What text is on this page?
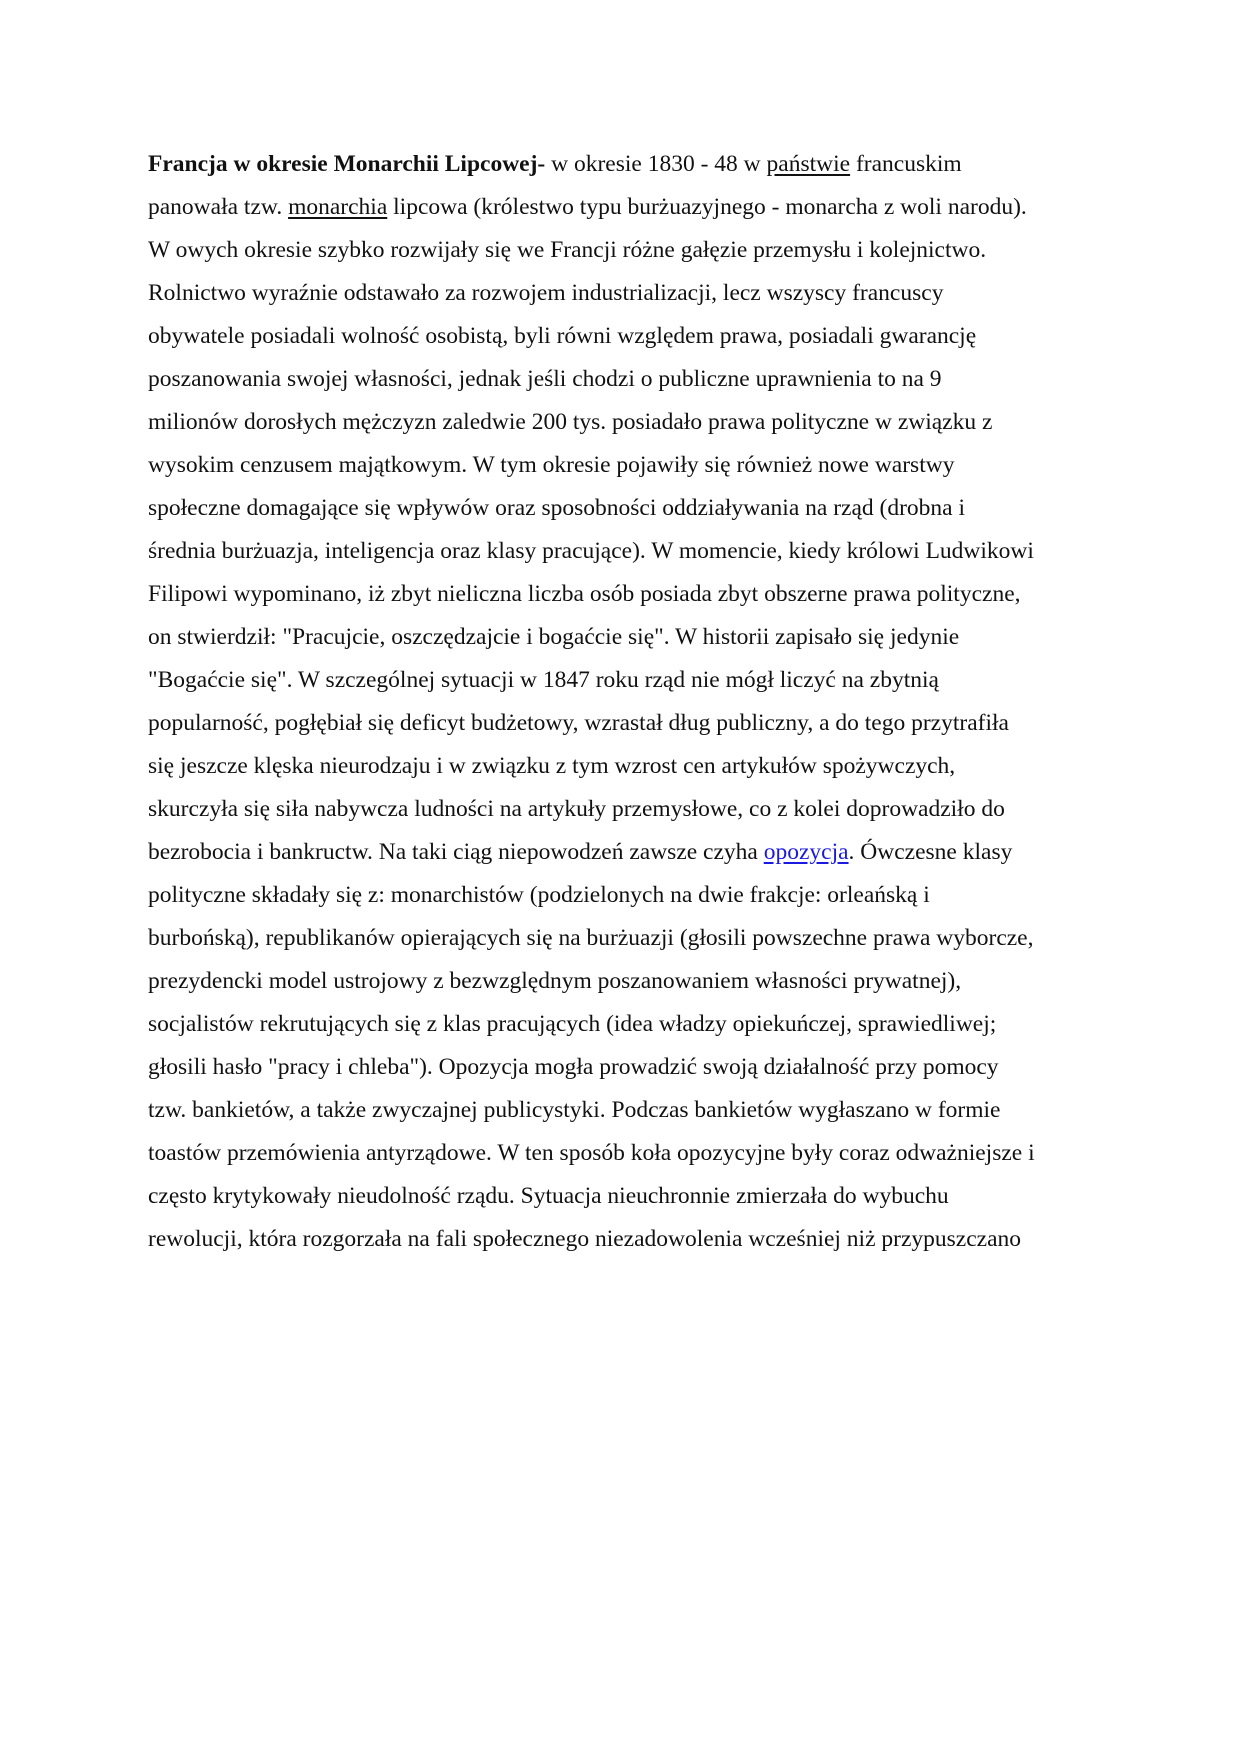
Francja w okresie Monarchii Lipcowej- w okresie 1830 - 48 w państwie francuskim
panowała tzw. monarchia lipcowa (królestwo typu burżuazyjnego - monarcha z woli narodu).
W owych okresie szybko rozwijały się we Francji różne gałęzie przemysłu i kolejnictwo.
Rolnictwo wyraźnie odstawało za rozwojem industrializacji, lecz wszyscy francuscy
obywatele posiadali wolność osobistą, byli równi względem prawa, posiadali gwarancję
poszanowania swojej własności, jednak jeśli chodzi o publiczne uprawnienia to na 9
milionów dorosłych mężczyzn zaledwie 200 tys. posiadało prawa polityczne w związku z
wysokim cenzusem majątkowym. W tym okresie pojawiły się również nowe warstwy
społeczne domagające się wpływów oraz sposobności oddziaływania na rząd (drobna i
średnia burżuazja, inteligencja oraz klasy pracujące). W momencie, kiedy królowi Ludwikowi
Filipowi wypominano, iż zbyt nieliczna liczba osób posiada zbyt obszerne prawa polityczne,
on stwierdził: "Pracujcie, oszczędzajcie i bogaćcie się". W historii zapisało się jedynie
"Bogaćcie się". W szczególnej sytuacji w 1847 roku rząd nie mógł liczyć na zbytnią
popularność, pogłębiał się deficyt budżetowy, wzrastał dług publiczny, a do tego przytrafiła
się jeszcze klęska nieurodzaju i w związku z tym wzrost cen artykułów spożywczych,
skurczyła się siła nabywcza ludności na artykuły przemysłowe, co z kolei doprowadziło do
bezrobocia i bankructw. Na taki ciąg niepowodzeń zawsze czyha opozycja. Ówczesne klasy
polityczne składały się z: monarchistów (podzielonych na dwie frakcje: orleańską i
burbońską), republikanów opierających się na burżuazji (głosili powszechne prawa wyborcze,
prezydencki model ustrojowy z bezwzględnym poszanowaniem własności prywatnej),
socjalistów rekrutujących się z klas pracujących (idea władzy opiekuńczej, sprawiedliwej;
głosili hasło "pracy i chleba"). Opozycja mogła prowadzić swoją działalność przy pomocy
tzw. bankietów, a także zwyczajnej publicystyki. Podczas bankietów wygłaszano w formie
toastów przemówienia antyrządowe. W ten sposób koła opozycyjne były coraz odważniejsze i
często krytykowały nieudolność rządu. Sytuacja nieuchronnie zmierzała do wybuchu
rewolucji, która rozgorzała na fali społecznego niezadowolenia wcześniej niż przypuszczano
